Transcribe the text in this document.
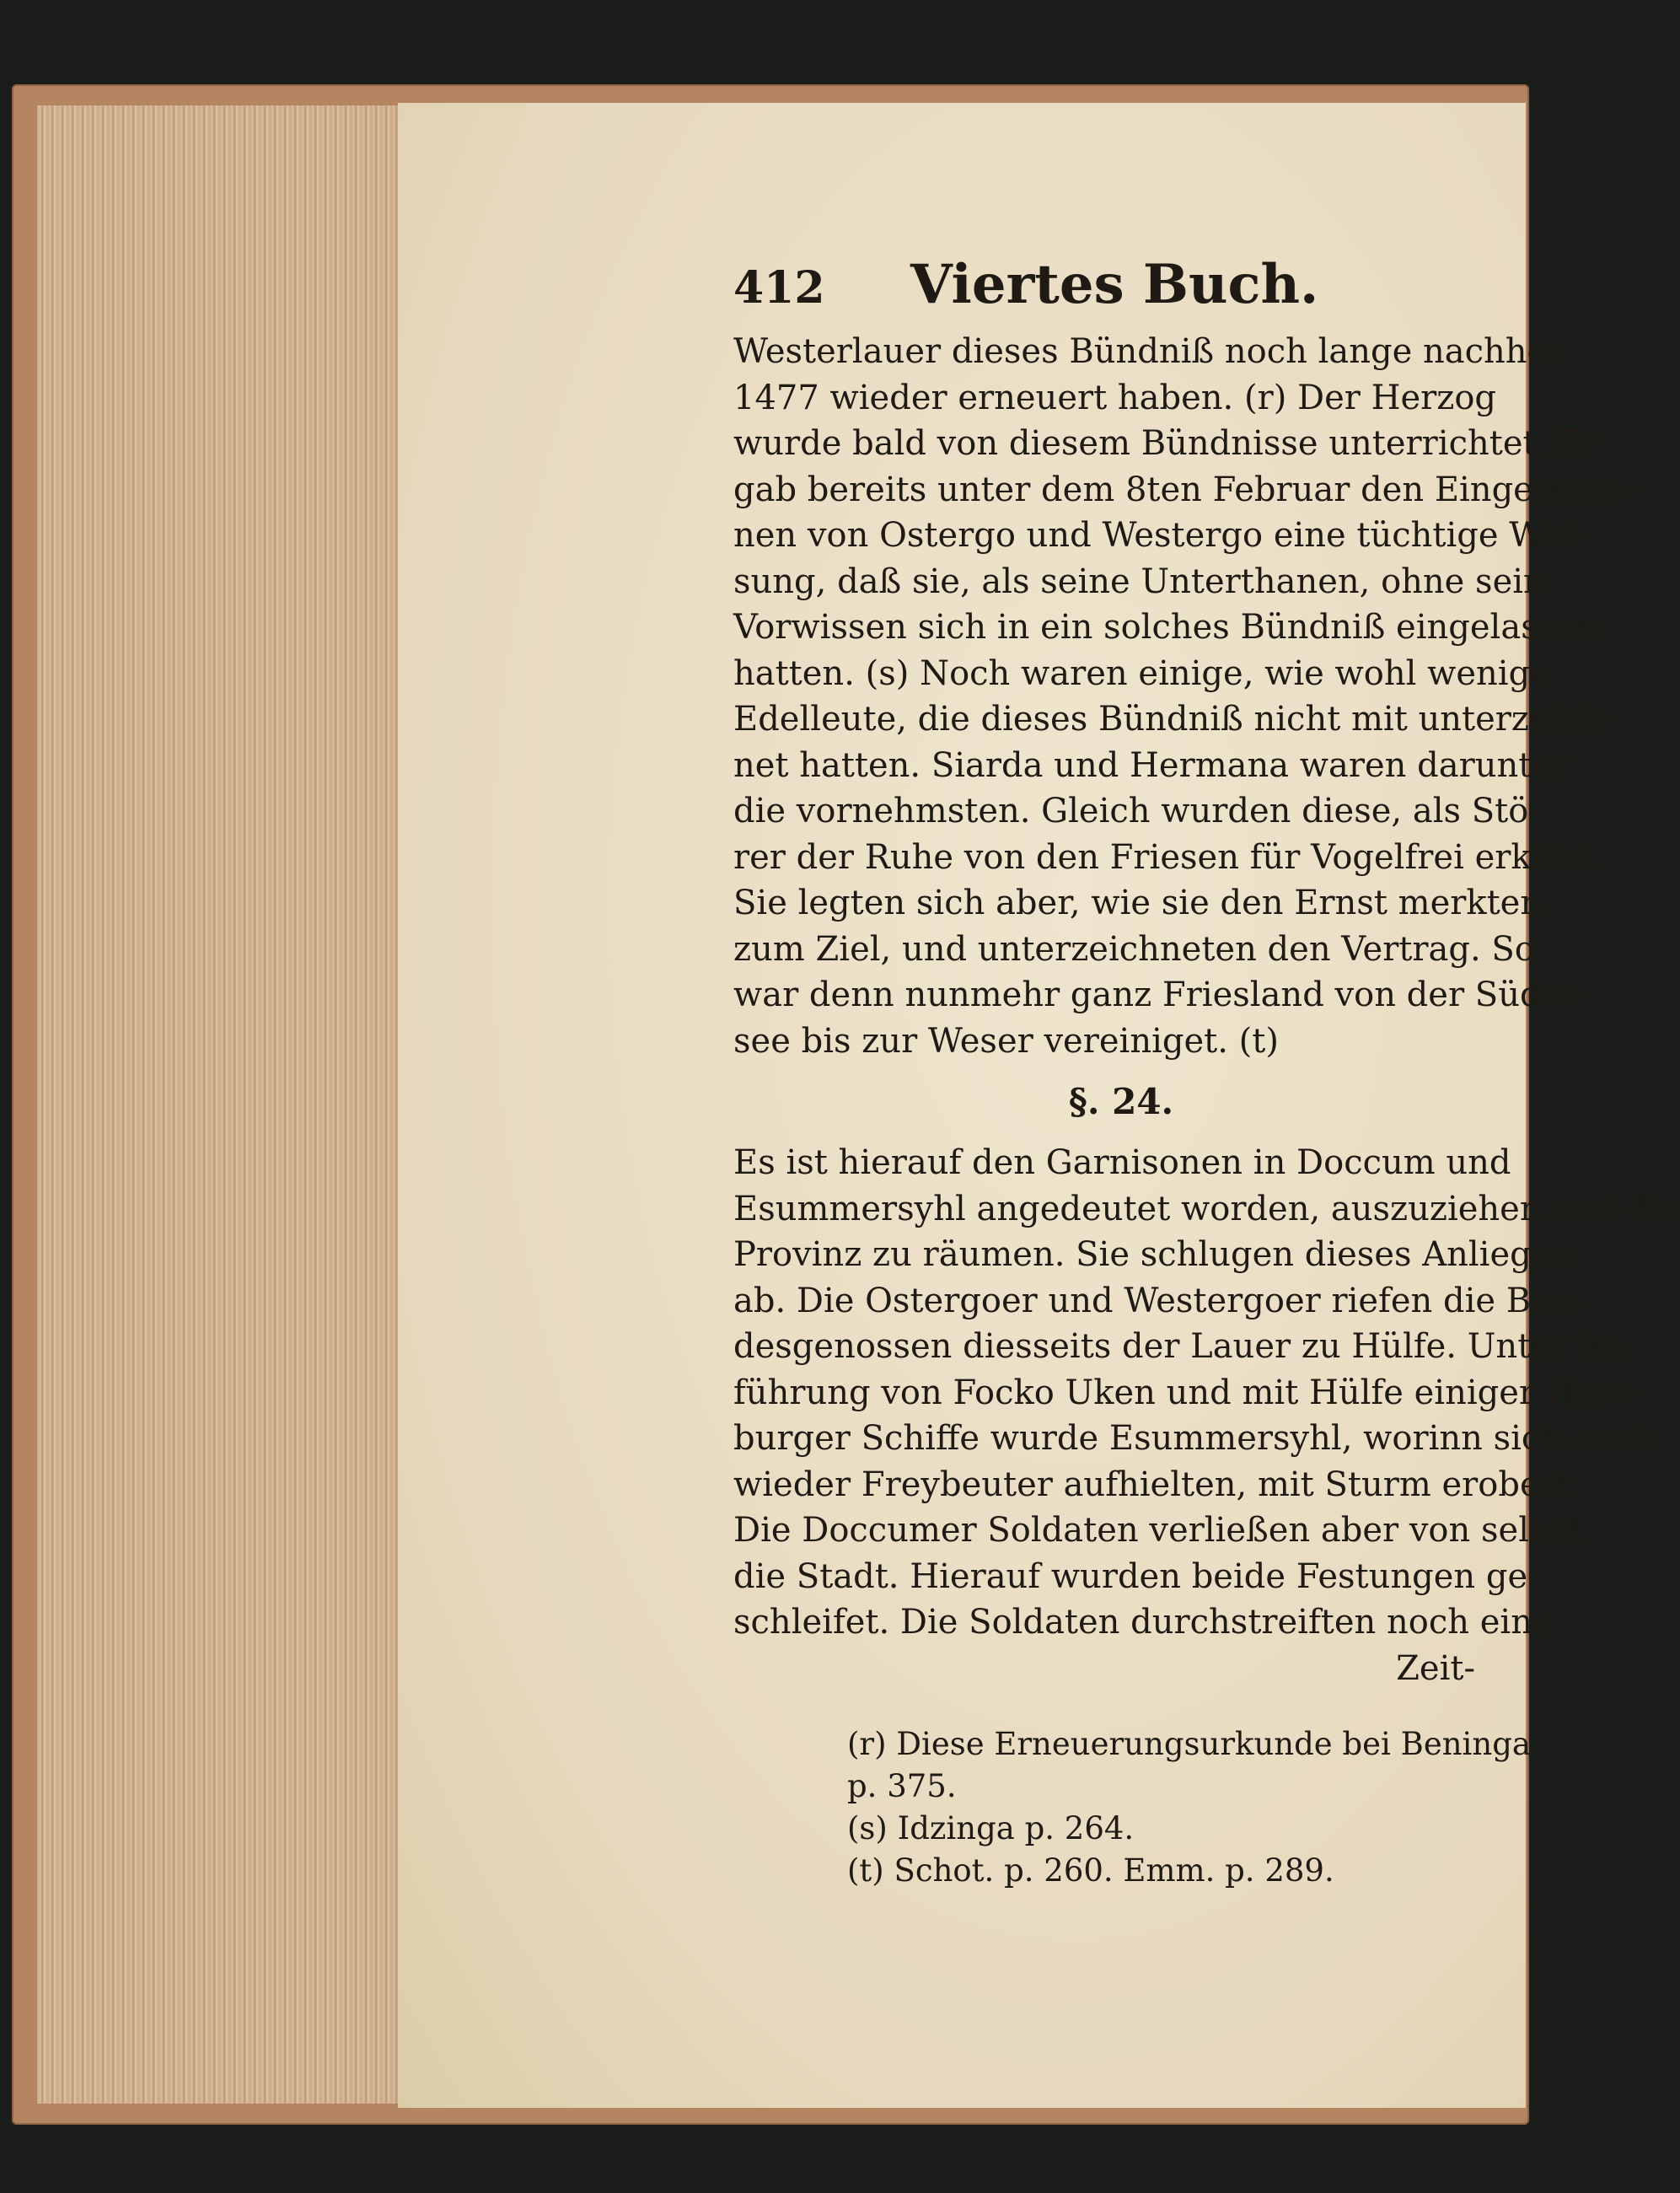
412	Viertes Buch.
Westerlauer dieses Bündniß noch lange nachher
1477 wieder erneuert haben. (r) Der Herzog
wurde bald von diesem Bündnisse unterrichtet. Er
gab bereits unter dem 8ten Februar den Eingesesse-
nen von Ostergo und Westergo eine tüchtige Wei-
sung, daß sie, als seine Unterthanen, ohne sein
Vorwissen sich in ein solches Bündniß eingelassen
hatten. (s) Noch waren einige, wie wohl wenige
Edelleute, die dieses Bündniß nicht mit unterzeich-
net hatten. Siarda und Hermana waren darunter
die vornehmsten. Gleich wurden diese, als Stö-
rer der Ruhe von den Friesen für Vogelfrei erklärt.
Sie legten sich aber, wie sie den Ernst merkten,
zum Ziel, und unterzeichneten den Vertrag. So
war denn nunmehr ganz Friesland von der Süder-
see bis zur Weser vereiniget. (t)
§. 24.
Es ist hierauf den Garnisonen in Doccum und
Esummersyhl angedeutet worden, auszuziehen und die
Provinz zu räumen. Sie schlugen dieses Anliegen
ab. Die Ostergoer und Westergoer riefen die Bun-
desgenossen diesseits der Lauer zu Hülfe. Unter An-
führung von Focko Uken und mit Hülfe einiger Ham-
burger Schiffe wurde Esummersyhl, worinn sich auch
wieder Freybeuter aufhielten, mit Sturm erobert.
Die Doccumer Soldaten verließen aber von selbst
die Stadt. Hierauf wurden beide Festungen ge-
schleifet. Die Soldaten durchstreiften noch eine
Zeit-
(r) Diese Erneuerungsurkunde bei Beninga
p. 375.
(s) Idzinga p. 264.
(t) Schot. p. 260. Emm. p. 289.
